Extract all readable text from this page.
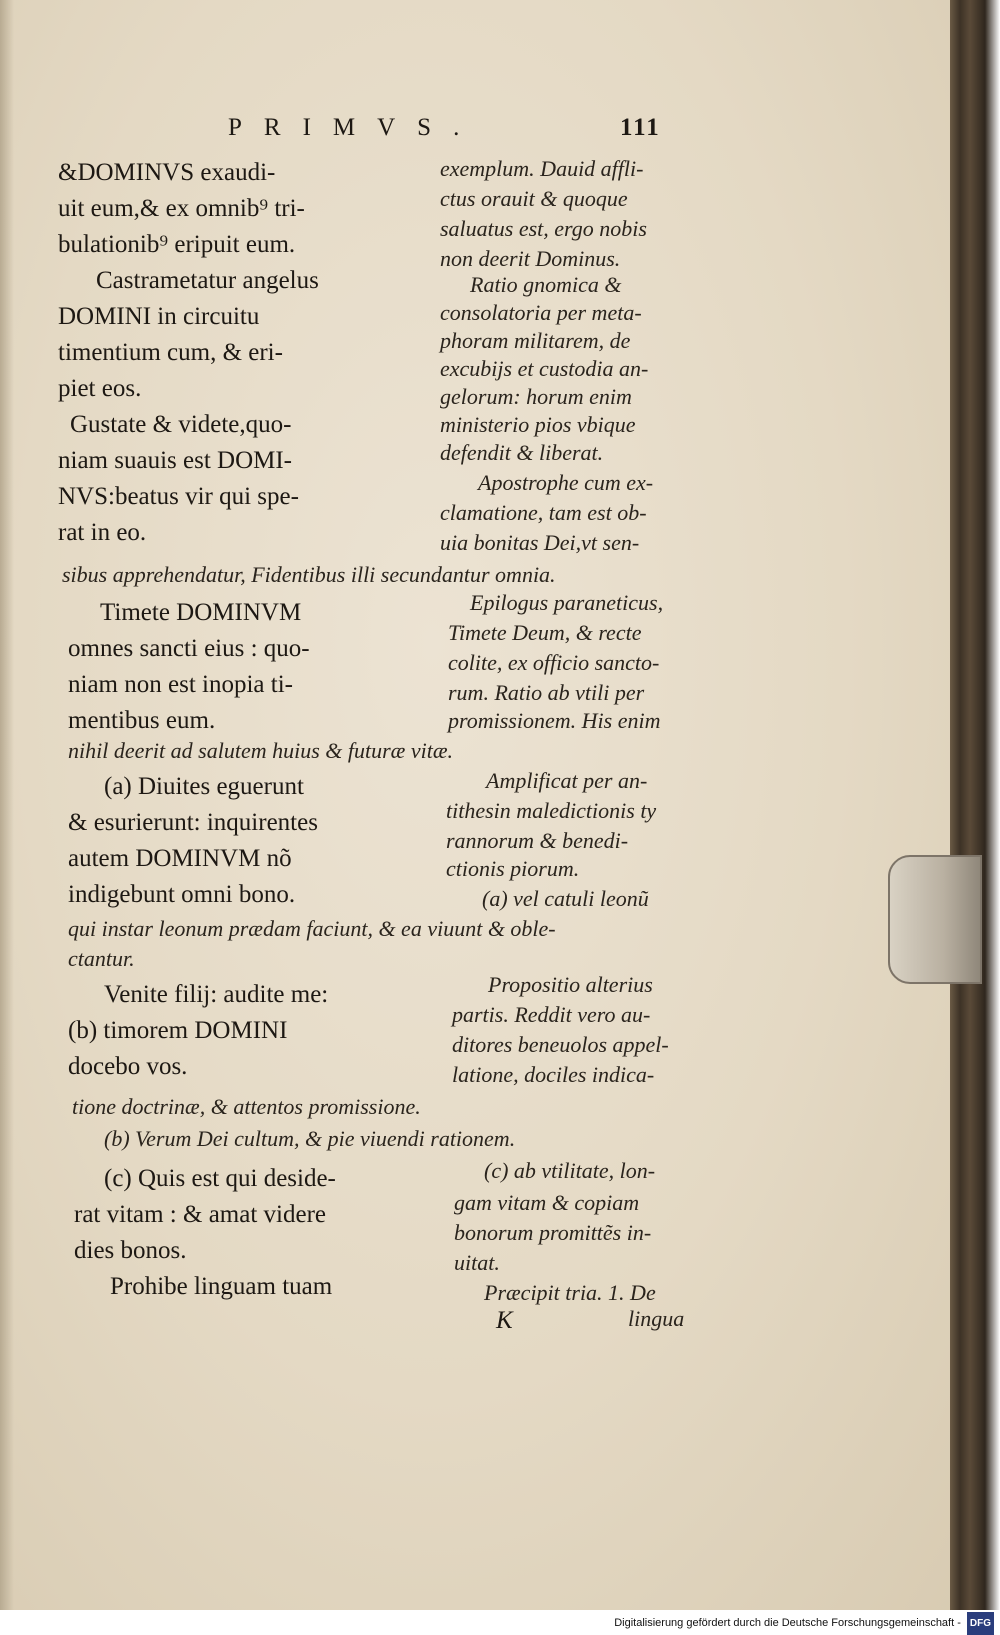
PRIMVS.	111
&DOMINVS exaudi-
uit eum,& ex omnib⁹ tri-
bulationib⁹ eripuit eum.
Castrametatur angelus
DOMINI in circuitu
timentium cum, & eri-
piet eos.
Gustate & videte,quo-
niam suauis est DOMI-
NVS:beatus vir qui spe-
rat in eo.
Timete DOMINVM
omnes sancti eius : quo-
niam non est inopia ti-
mentibus eum.
(a) Diuites eguerunt
& esurierunt: inquirentes
autem DOMINVM nõ
indigebunt omni bono.
Venite filij: audite me:
(b) timorem DOMINI
docebo vos.
(c) Quis est qui deside-
rat vitam : & amat videre
dies bonos.
Prohibe linguam tuam
exemplum. Dauid affli-
ctus orauit & quoque
saluatus est, ergo nobis
non deerit Dominus.
Ratio gnomica &
consolatoria per meta-
phoram militarem, de
excubijs et custodia an-
gelorum: horum enim
ministerio pios vbique
defendit & liberat.
Apostrophe cum ex-
clamatione, tam est ob-
uia bonitas Dei,vt sen-
sibus apprehendatur, Fidentibus illi secundantur omnia.
Epilogus paraneticus,
Timete Deum, & recte
colite, ex officio sancto-
rum. Ratio ab vtili per
promissionem. His enim
nihil deerit ad salutem huius & futuræ vitæ.
Amplificat per an-
tithesin maledictionis ty
rannorum & benedi-
ctionis piorum.
(a) vel catuli leonũ
qui instar leonum prædam faciunt, & ea viuunt & oble-
ctantur.
Propositio alterius
partis. Reddit vero au-
ditores beneuolos appel-
latione, dociles indica-
tione doctrinæ, & attentos promissione.
(b) Verum Dei cultum, & pie viuendi rationem.
(c) ab vtilitate, lon-
gam vitam & copiam
bonorum promittẽs in-
uitat.
Præcipit tria. 1. De
lingua
K
Digitalisierung gefördert durch die Deutsche Forschungsgemeinschaft - DFG
